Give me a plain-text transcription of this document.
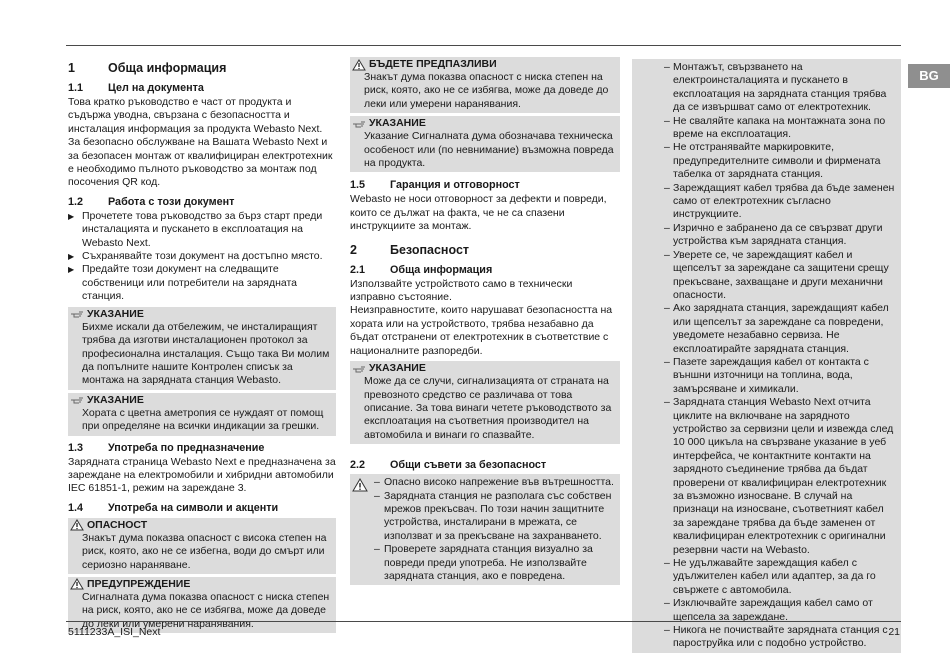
BG
1	Обща информация
1.1	Цел на документа

Това кратко ръководство е част от продукта и съдържа уводна, свързана с безопасността и инсталация информация за продукта Webasto Next. За безопасно обслужване на Вашата Webasto Next и за безопасен монтаж от квалифициран електротехник е необходимо пълното ръководство за монтаж под посочения QR код.

1.2	Работа с този документ
▶ Прочетете това ръководство за бърз старт преди инсталацията и пускането в експлоатация на Webasto Next.
▶ Съхранявайте този документ на достъпно място.
▶ Предайте този документ на следващите собственици или потребители на зарядната станция.
УКАЗАНИЕ
Бихме искали да отбележим, че инсталиращият трябва да изготви инсталационен протокол за професионална инсталация. Също така Ви молим да попълните нашите Контролен списък за монтажа на зарядната станция Webasto.
УКАЗАНИЕ
Хората с цветна аметропия се нуждаят от помощ при определяне на всички индикации за грешки.
1.3	Употреба по предназначение

Зарядната страница Webasto Next е предназначена за зареждане на електромобили и хибридни автомобили IEC 61851-1, режим на зареждане 3.

1.4	Употреба на символи и акценти
ОПАСНОСТ
Знакът дума показва опасност с висока степен на риск, която, ако не се избегна, води до смърт или сериозно нараняване.
ПРЕДУПРЕЖДЕНИЕ
Сигналната дума показва опасност с ниска степен на риск, която, ако не се избягва, може да доведе до леки или умерени наранявания.
БЪДЕТЕ ПРЕДПАЗЛИВИ
Знакът дума показва опасност с ниска степен на риск, която, ако не се избягва, може да доведе до леки или умерени наранявания.
УКАЗАНИЕ
Указание Сигналната дума обозначава техническа особеност или (по невнимание) възможна повреда на продукта.
1.5	Гаранция и отговорност

Webasto не носи отговорност за дефекти и повреди, които се дължат на факта, че не са спазени инструкциите за монтаж.

2	Безопасност
2.1	Обща информация

Използвайте устройството само в технически изправно състояние.

Неизправностите, които нарушават безопасността на хората или на устройството, трябва незабавно да бъдат отстранени от електротехник в съответствие с националните разпоредби.

УКАЗАНИЕ
Може да се случи, сигнализацията от страната на превозното средство се различава от това описание. За това винаги четете ръководството за експлоатация на съответния производител на автомобила и винаги го спазвайте.
2.2	Общи съвети за безопасност
– Опасно високо напрежение във вътрешността.
– Зарядната станция не разполага със собствен мрежов прекъсвач. По този начин защитните устройства, инсталирани в мрежата, се използват и за прекъсване на захранването.
– Проверете зарядната станция визуално за повреди преди употреба. Не използвайте зарядната станция, ако е повредена.
– Монтажът, свързването на електроинсталацията и пускането в експлоатация на зарядната станция трябва да се извършват само от електротехник.
– Не сваляйте капака на монтажната зона по време на експлоатация.
– Не отстранявайте маркировките, предупредителните символи и фирмената табелка от зарядната станция.
– Зареждащият кабел трябва да бъде заменен само от електротехник съгласно инструкциите.
– Изрично е забранено да се свързват други устройства към зарядната станция.
– Уверете се, че зареждащият кабел и щепселът за зареждане са защитени срещу прекъсване, захващане и други механични опасности.
– Ако зарядната станция, зареждащият кабел или щепселът за зареждане са повредени, уведомете незабавно сервиза. Не експлоатирайте зарядната станция.
– Пазете зареждащия кабел от контакта с външни източници на топлина, вода, замърсяване и химикали.
– Зарядната станция Webasto Next отчита циклите на включване на зарядното устройство за сервизни цели и извежда след 10 000 цикъла на свързване указание в уеб интерфейса, че контактните контакти на зарядното съединение трябва да бъдат проверени от квалифициран електротехник за възможно износване. В случай на признаци на износване, съответният кабел за зареждане трябва да бъде заменен от квалифициран електротехник с оригинални резервни части на Webasto.
– Не удължавайте зареждащия кабел с удължителен кабел или адаптер, за да го свържете с автомобила.
– Изключвайте зареждащия кабел само от щепсела за зареждане.
– Никога не почиствайте зарядната станция с пароструйка или с подобно устройство.
5111233A_ISI_Next	21
